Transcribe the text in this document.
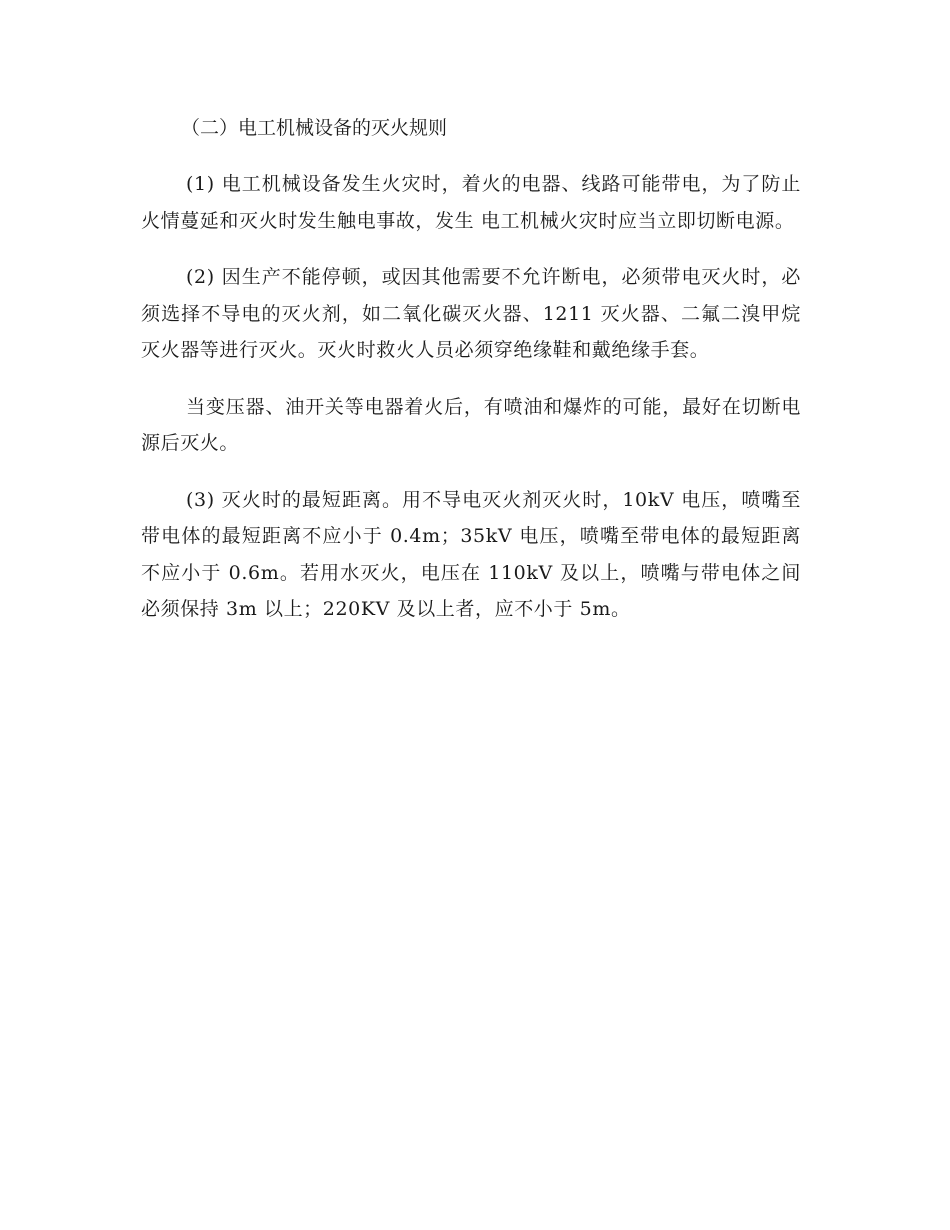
（二）电工机械设备的灭火规则

(1) 电工机械设备发生火灾时，着火的电器、线路可能带电，为了防止火情蔓延和灭火时发生触电事故，发生 电工机械火灾时应当立即切断电源。

(2) 因生产不能停顿，或因其他需要不允许断电，必须带电灭火时，必须选择不导电的灭火剂，如二氧化碳灭火器、1211 灭火器、二氟二溴甲烷灭火器等进行灭火。灭火时救火人员必须穿绝缘鞋和戴绝缘手套。

当变压器、油开关等电器着火后，有喷油和爆炸的可能，最好在切断电源后灭火。

(3) 灭火时的最短距离。用不导电灭火剂灭火时，10kV 电压，喷嘴至带电体的最短距离不应小于 0.4m；35kV 电压，喷嘴至带电体的最短距离不应小于 0.6m。若用水灭火，电压在 110kV 及以上，喷嘴与带电体之间必须保持 3m 以上；220KV 及以上者，应不小于 5m。
